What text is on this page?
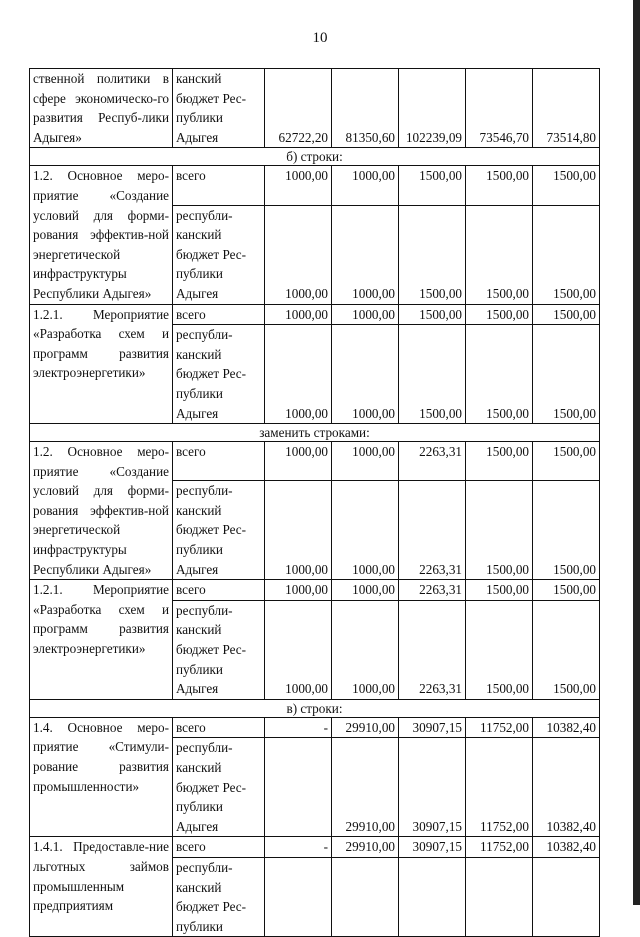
10
ственной политики в сфере экономическо-го развития Респуб-лики Адыгея»	канский бюджет Рес-публики Адыгея	62722,20	81350,60	102239,09	73546,70	73514,80
б) строки:						
1.2. Основное меро-приятие «Создание условий для форми-рования эффектив-ной энергетической инфраструктуры Республики Адыгея»	всего	1000,00	1000,00	1500,00	1500,00	1500,00
	республи-канский бюджет Рес-публики Адыгея	1000,00	1000,00	1500,00	1500,00	1500,00
1.2.1. Мероприятие «Разработка схем и программ развития электроэнергетики»	всего	1000,00	1000,00	1500,00	1500,00	1500,00
	республи-канский бюджет Рес-публики Адыгея	1000,00	1000,00	1500,00	1500,00	1500,00
заменить строками:						
1.2. Основное меро-приятие «Создание условий для форми-рования эффектив-ной энергетической инфраструктуры Республики Адыгея»	всего	1000,00	1000,00	2263,31	1500,00	1500,00
	республи-канский бюджет Рес-публики Адыгея	1000,00	1000,00	2263,31	1500,00	1500,00
1.2.1. Мероприятие «Разработка схем и программ развития электроэнергетики»	всего	1000,00	1000,00	2263,31	1500,00	1500,00
	республи-канский бюджет Рес-публики Адыгея	1000,00	1000,00	2263,31	1500,00	1500,00
в) строки:						
1.4. Основное меро-приятие «Стимули-рование развития промышленности»	всего	-	29910,00	30907,15	11752,00	10382,40
	республи-канский бюджет Рес-публики Адыгея		29910,00	30907,15	11752,00	10382,40
1.4.1. Предоставле-ние льготных займов промышленным предприятиям	всего	-	29910,00	30907,15	11752,00	10382,40
	республи-канский бюджет Рес-публики					
